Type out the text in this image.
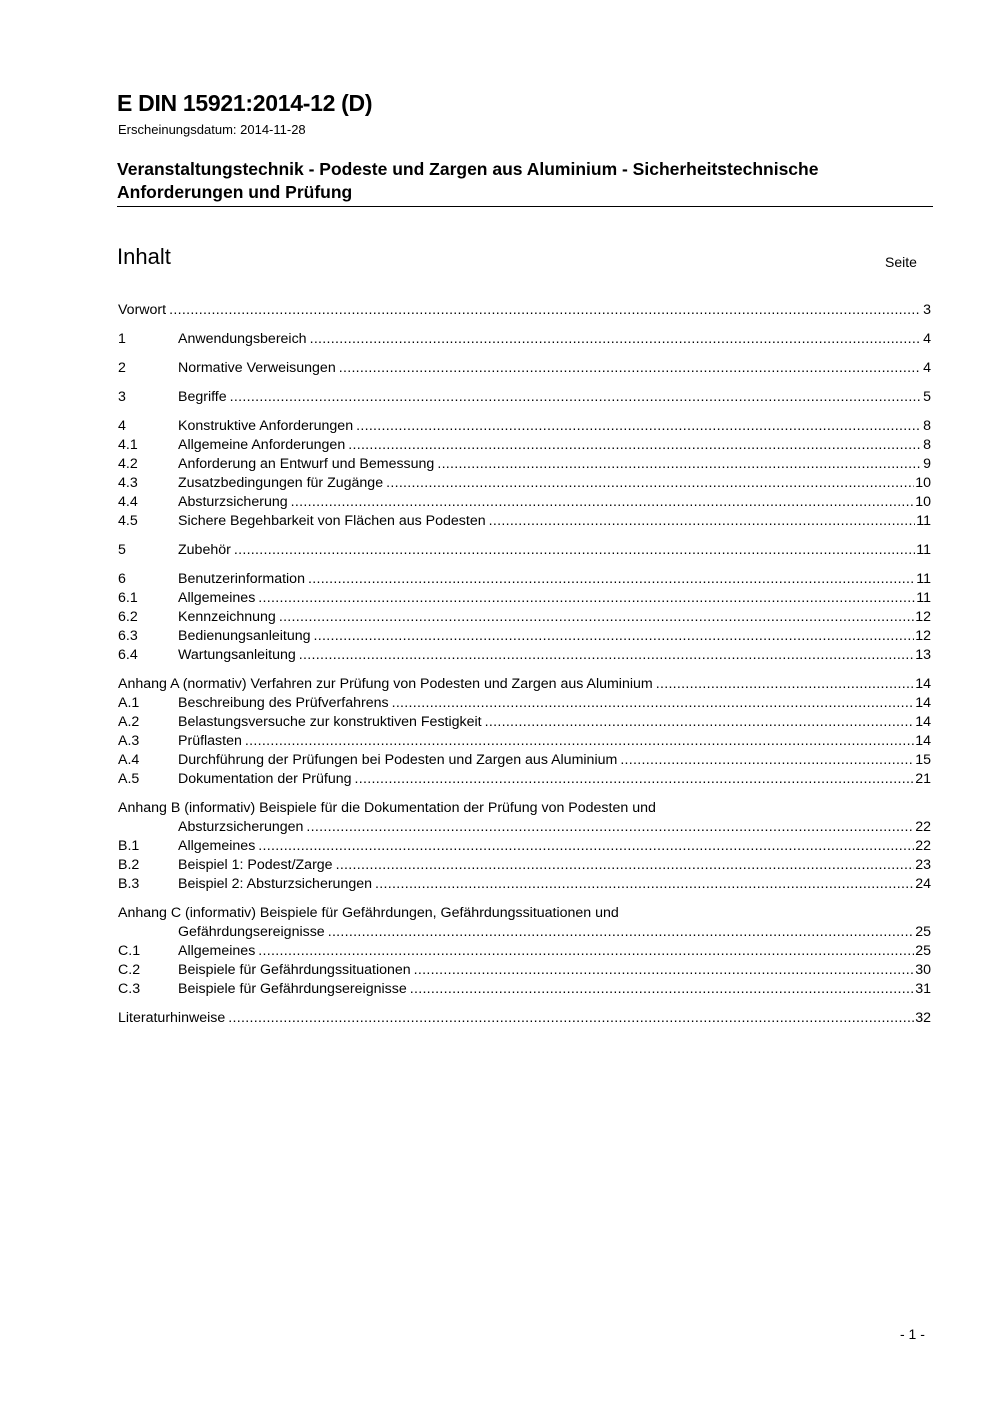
E DIN 15921:2014-12 (D)
Erscheinungsdatum: 2014-11-28
Veranstaltungstechnik - Podeste und Zargen aus Aluminium - Sicherheitstechnische
Anforderungen und Prüfung
Inhalt	Seite
Vorwort .....	3
1	Anwendungsbereich .....	4
2	Normative Verweisungen .....	4
3	Begriffe .....	5
4	Konstruktive Anforderungen .....	8
4.1	Allgemeine Anforderungen .....	8
4.2	Anforderung an Entwurf und Bemessung .....	9
4.3	Zusatzbedingungen für Zugänge .....	10
4.4	Absturzsicherung .....	10
4.5	Sichere Begehbarkeit von Flächen aus Podesten .....	11
5	Zubehör .....	11
6	Benutzerinformation .....	11
6.1	Allgemeines .....	11
6.2	Kennzeichnung .....	12
6.3	Bedienungsanleitung .....	12
6.4	Wartungsanleitung .....	13
Anhang A (normativ) Verfahren zur Prüfung von Podesten und Zargen aus Aluminium .....	14
A.1	Beschreibung des Prüfverfahrens .....	14
A.2	Belastungsversuche zur konstruktiven Festigkeit .....	14
A.3	Prüflasten .....	14
A.4	Durchführung der Prüfungen bei Podesten und Zargen aus Aluminium .....	15
A.5	Dokumentation der Prüfung .....	21
Anhang B (informativ) Beispiele für die Dokumentation der Prüfung von Podesten und
Absturzsicherungen .....	22
B.1	Allgemeines .....	22
B.2	Beispiel 1: Podest/Zarge .....	23
B.3	Beispiel 2: Absturzsicherungen .....	24
Anhang C (informativ) Beispiele für Gefährdungen, Gefährdungssituationen und
Gefährdungsereignisse .....	25
C.1	Allgemeines .....	25
C.2	Beispiele für Gefährdungssituationen .....	30
C.3	Beispiele für Gefährdungsereignisse .....	31
Literaturhinweise .....	32
- 1 -
